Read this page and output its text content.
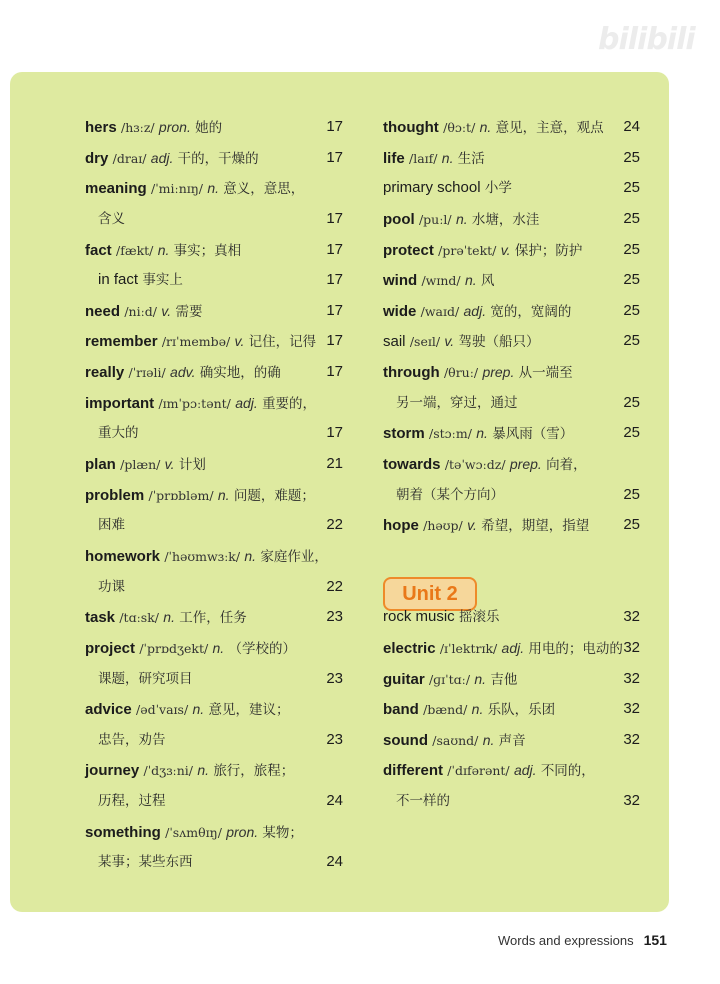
bilibili
hers /hɜːz/ pron. 她的	17
dry /draɪ/ adj. 干的，干燥的	17
meaning /ˈmiːnɪŋ/ n. 意义，意思，
含义	17
fact /fækt/ n. 事实；真相	17
in fact 事实上	17
need /niːd/ v. 需要	17
remember /rɪˈmembə/ v. 记住，记得 17
really /ˈrɪəli/ adv. 确实地，的确	17
important /ɪmˈpɔːtənt/ adj. 重要的，
重大的	17
plan /plæn/ v. 计划	21
problem /ˈprɒbləm/ n. 问题，难题；
困难	22
homework /ˈhəʊmwɜːk/ n. 家庭作业，
功课	22
task /tɑːsk/ n. 工作，任务	23
project /ˈprɒdʒekt/ n. （学校的）
课题，研究项目	23
advice /ədˈvaɪs/ n. 意见，建议；
忠告，劝告	23
journey /ˈdʒɜːni/ n. 旅行，旅程；
历程，过程	24
something /ˈsʌmθɪŋ/ pron. 某物；
某事；某些东西	24
thought /θɔːt/ n. 意见，主意，观点 24
life /laɪf/ n. 生活	25
primary school 小学	25
pool /puːl/ n. 水塘，水洼	25
protect /prəˈtekt/ v. 保护；防护	25
wind /wɪnd/ n. 风	25
wide /waɪd/ adj. 宽的，宽阔的	25
sail /seɪl/ v. 驾驶（船只）	25
through /θruː/ prep. 从一端至
另一端，穿过，通过	25
storm /stɔːm/ n. 暴风雨（雪）	25
towards /təˈwɔːdz/ prep. 向着，
朝着（某个方向）	25
hope /həʊp/ v. 希望，期望，指望 25
Unit 2
rock music 摇滚乐	32
electric /ɪˈlektrɪk/ adj. 用电的；电动的 32
guitar /ɡɪˈtɑː/ n. 吉他	32
band /bænd/ n. 乐队，乐团	32
sound /saʊnd/ n. 声音	32
different /ˈdɪfərənt/ adj. 不同的，
不一样的	32
Words and expressions 151
